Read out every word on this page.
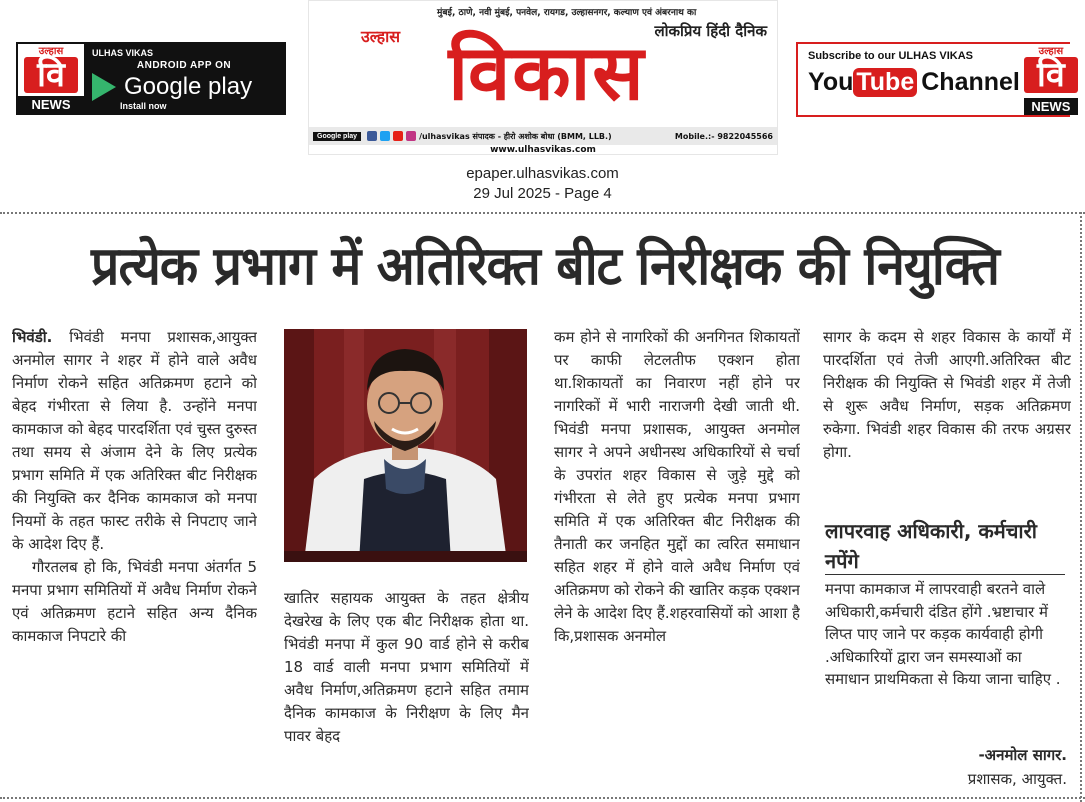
उल्हास
वि
NEWS
ULHAS VIKAS
ANDROID APP ON
Google play
Install now
मुंबई, ठाणे, नवी मुंबई, पनवेल, रायगड, उल्हासनगर, कल्याण एवं अंबरनाथ का
लोकप्रिय हिंदी दैनिक
विकास
उल्हास
Google play	/ulhasvikas संपादक - हीरो अशोक बोधा (BMM, LLB.)	Mobile.:- 9822045566
www.ulhasvikas.com
Subscribe to our ULHAS VIKAS
You Tube Channel
उल्हास
वि
NEWS
epaper.ulhasvikas.com
29 Jul 2025 - Page 4
प्रत्येक प्रभाग में अतिरिक्त बीट निरीक्षक की नियुक्ति

भिवंडी. भिवंडी मनपा प्रशासक,आयुक्त अनमोल सागर ने शहर में होने वाले अवैध निर्माण रोकने सहित अतिक्रमण हटाने को बेहद गंभीरता से लिया है. उन्होंने मनपा कामकाज को बेहद पारदर्शिता एवं चुस्त दुरुस्त तथा समय से अंजाम देने के लिए प्रत्येक प्रभाग समिति में एक अतिरिक्त बीट निरीक्षक की नियुक्ति कर दैनिक कामकाज को मनपा नियमों के तहत फास्ट तरीके से निपटाए जाने के आदेश दिए हैं.

गौरतलब हो कि, भिवंडी मनपा अंतर्गत 5 मनपा प्रभाग समितियों में अवैध निर्माण रोकने एवं अतिक्रमण हटाने सहित अन्य दैनिक कामकाज निपटारे की

खातिर सहायक आयुक्त के तहत क्षेत्रीय देखरेख के लिए एक बीट निरीक्षक होता था. भिवंडी मनपा में कुल 90 वार्ड होने से करीब 18 वार्ड वाली मनपा प्रभाग समितियों में अवैध निर्माण,अतिक्रमण हटाने सहित तमाम दैनिक कामकाज के निरीक्षण के लिए मैन पावर बेहद

कम होने से नागरिकों की अनगिनत शिकायतों पर काफी लेटलतीफ एक्शन होता था.शिकायतों का निवारण नहीं होने पर नागरिकों में भारी नाराजगी देखी जाती थी. भिवंडी मनपा प्रशासक, आयुक्त अनमोल सागर ने अपने अधीनस्थ अधिकारियों से चर्चा के उपरांत शहर विकास से जुड़े मुद्दे को गंभीरता से लेते हुए प्रत्येक मनपा प्रभाग समिति में एक अतिरिक्त बीट निरीक्षक की तैनाती कर जनहित मुद्दों का त्वरित समाधान सहित शहर में होने वाले अवैध निर्माण एवं अतिक्रमण को रोकने की खातिर कड़क एक्शन लेने के आदेश दिए हैं.शहरवासियों को आशा है कि,प्रशासक अनमोल

सागर के कदम से शहर विकास के कार्यों में पारदर्शिता एवं तेजी आएगी.अतिरिक्त बीट निरीक्षक की नियुक्ति से भिवंडी शहर में तेजी से शुरू अवैध निर्माण, सड़क अतिक्रमण रुकेगा. भिवंडी शहर विकास की तरफ अग्रसर होगा.

लापरवाह अधिकारी, कर्मचारी नपेंगे
मनपा कामकाज में लापरवाही बरतने वाले अधिकारी,कर्मचारी दंडित होंगे .भ्रष्टाचार में लिप्त पाए जाने पर कड़क कार्यवाही होगी .अधिकारियों द्वारा जन समस्याओं का समाधान प्राथमिकता से किया जाना चाहिए .
-अनमोल सागर.
प्रशासक, आयुक्त.
